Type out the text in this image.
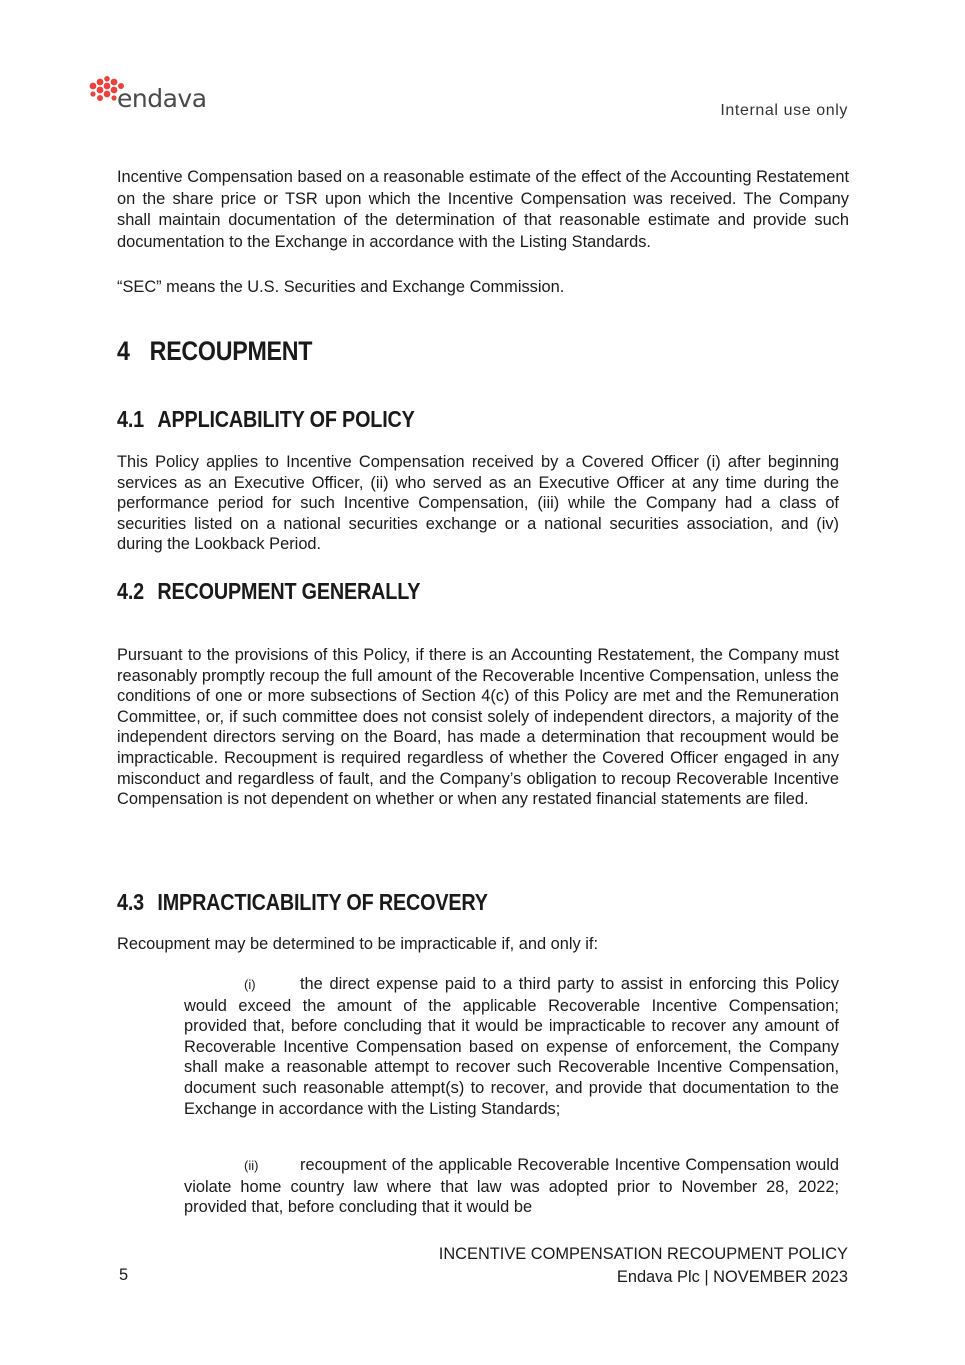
endava	Internal use only

Incentive Compensation based on a reasonable estimate of the effect of the Accounting Restatement on the share price or TSR upon which the Incentive Compensation was received. The Company shall maintain documentation of the determination of that reasonable estimate and provide such documentation to the Exchange in accordance with the Listing Standards.

“SEC” means the U.S. Securities and Exchange Commission.

4 RECOUPMENT
4.1 APPLICABILITY OF POLICY

This Policy applies to Incentive Compensation received by a Covered Officer (i) after beginning services as an Executive Officer, (ii) who served as an Executive Officer at any time during the performance period for such Incentive Compensation, (iii) while the Company had a class of securities listed on a national securities exchange or a national securities association, and (iv) during the Lookback Period.

4.2 RECOUPMENT GENERALLY

Pursuant to the provisions of this Policy, if there is an Accounting Restatement, the Company must reasonably promptly recoup the full amount of the Recoverable Incentive Compensation, unless the conditions of one or more subsections of Section 4(c) of this Policy are met and the Remuneration Committee, or, if such committee does not consist solely of independent directors, a majority of the independent directors serving on the Board, has made a determination that recoupment would be impracticable. Recoupment is required regardless of whether the Covered Officer engaged in any misconduct and regardless of fault, and the Company’s obligation to recoup Recoverable Incentive Compensation is not dependent on whether or when any restated financial statements are filed.

4.3 IMPRACTICABILITY OF RECOVERY

Recoupment may be determined to be impracticable if, and only if:

(i)	the direct expense paid to a third party to assist in enforcing this Policy would exceed the amount of the applicable Recoverable Incentive Compensation; provided that, before concluding that it would be impracticable to recover any amount of Recoverable Incentive Compensation based on expense of enforcement, the Company shall make a reasonable attempt to recover such Recoverable Incentive Compensation, document such reasonable attempt(s) to recover, and provide that documentation to the Exchange in accordance with the Listing Standards;

(ii)	recoupment of the applicable Recoverable Incentive Compensation would violate home country law where that law was adopted prior to November 28, 2022; provided that, before concluding that it would be

5
INCENTIVE COMPENSATION RECOUPMENT POLICY
Endava Plc | NOVEMBER 2023
